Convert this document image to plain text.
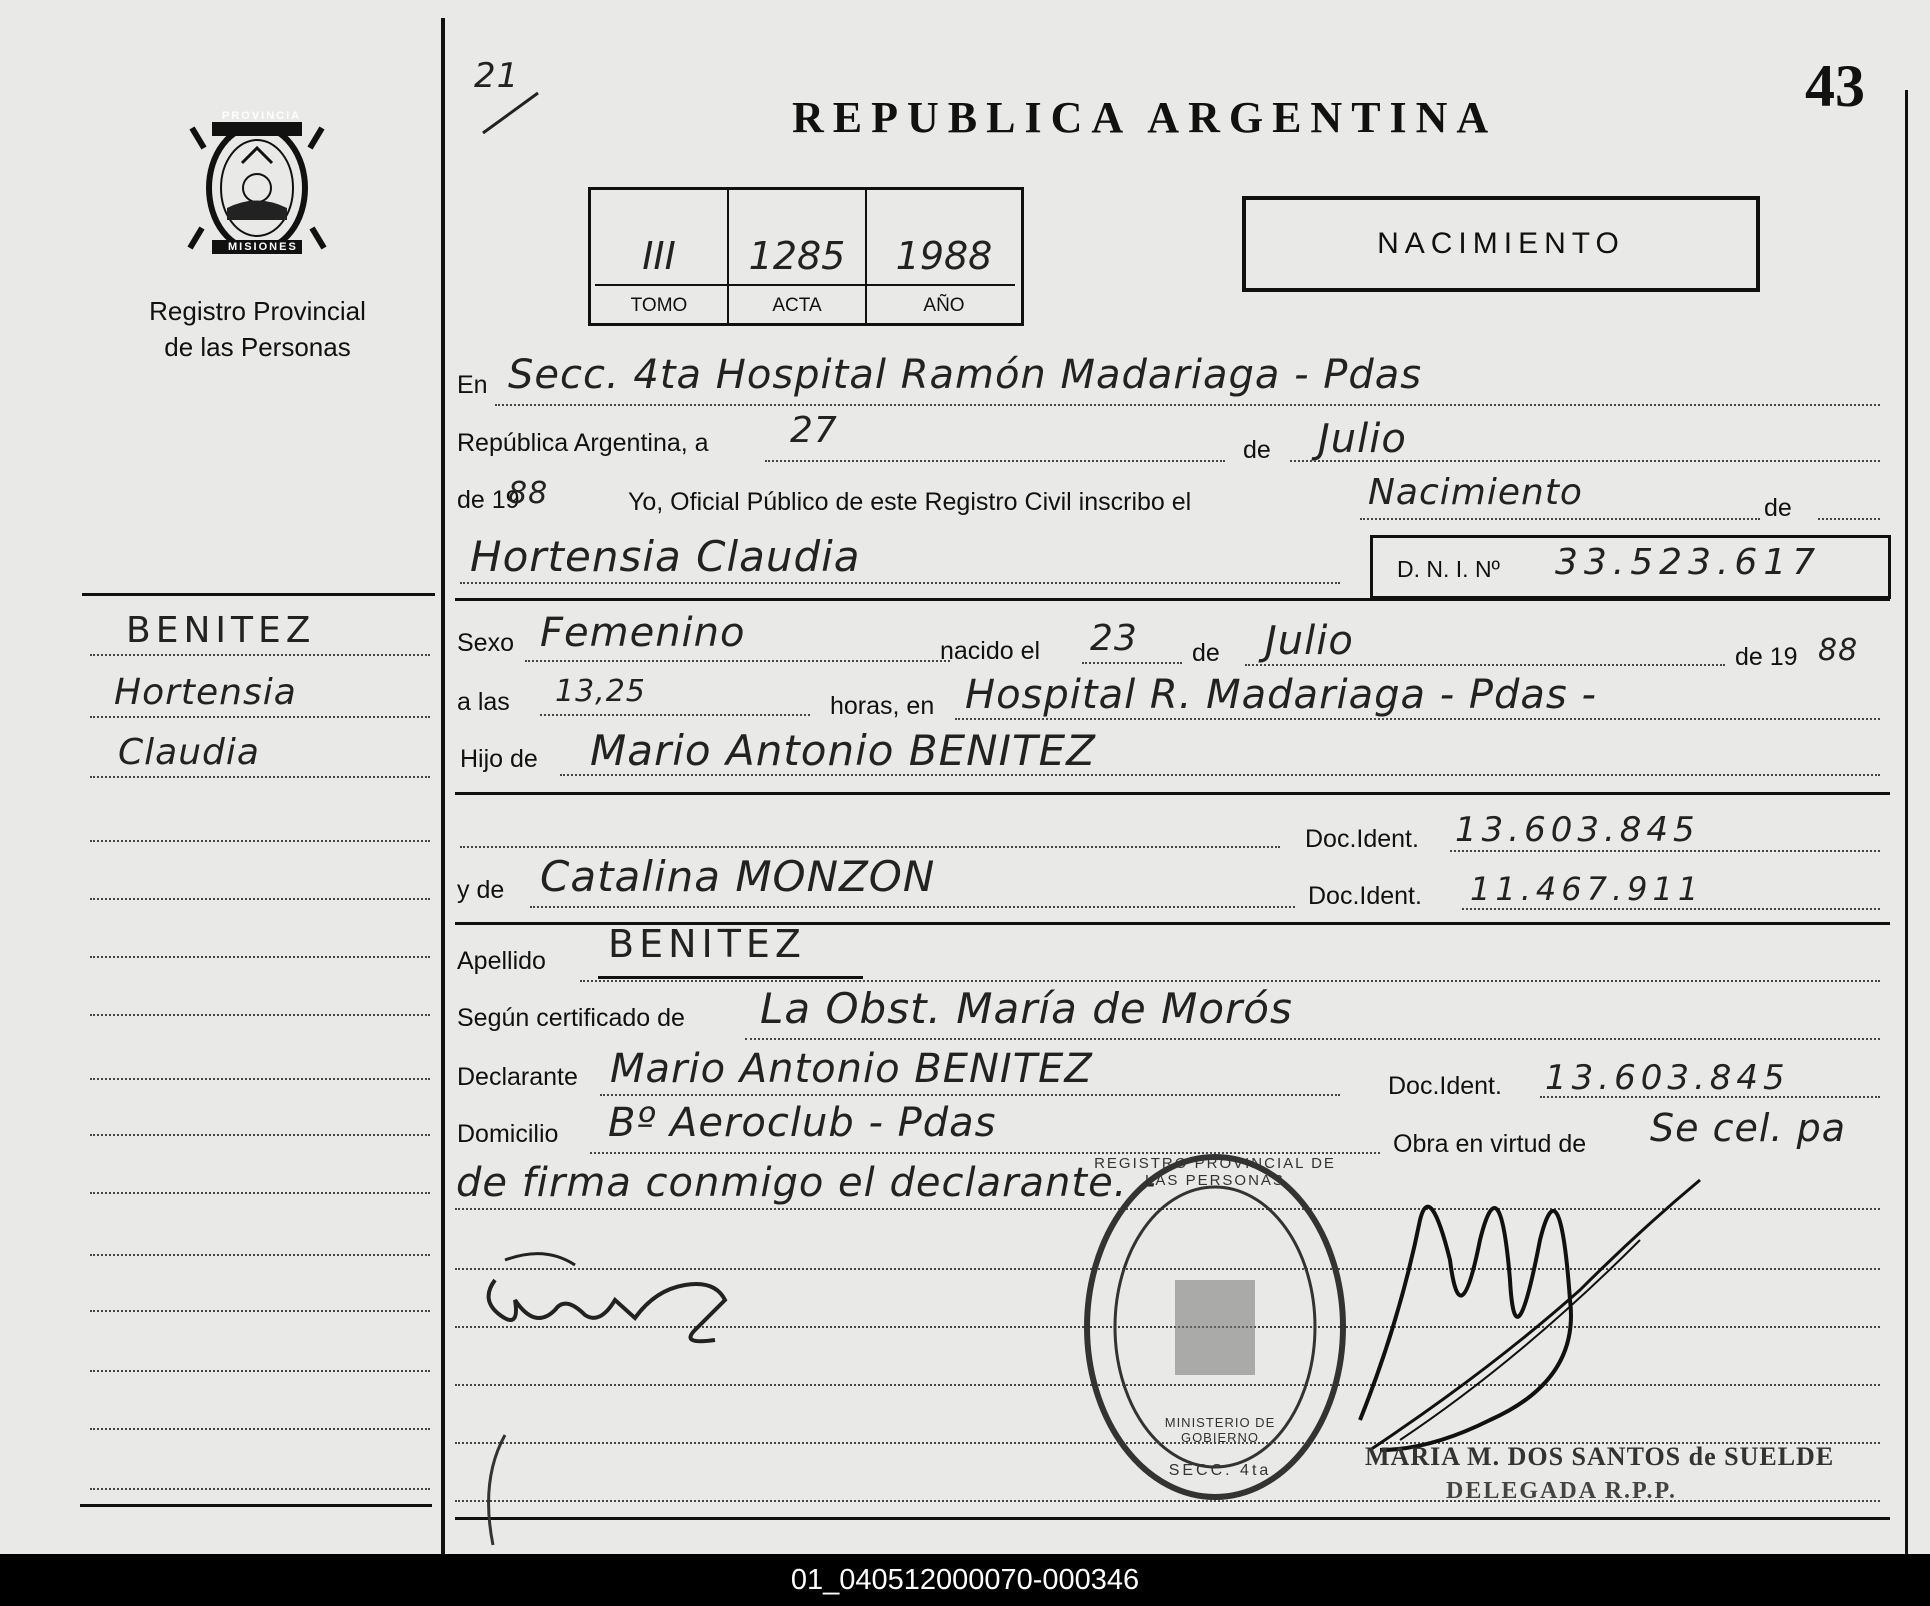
43
21
REPUBLICA ARGENTINA
PROVINCIA
MISIONES
Registro Provincial
de las Personas
III
TOMO
1285
ACTA
1988
AÑO
NACIMIENTO
BENITEZ
Hortensia
Claudia
En Secc. 4ta Hospital Ramón Madariaga - Pdas
República Argentina, a 27	de Julio
de 19
88	Yo, Oficial Público de este Registro Civil inscribo el	Nacimiento	de
Hortensia Claudia	D. N. I. Nº 33.523.617
Sexo Femenino	nacido el 23 de Julio	de 19 88
a las 13,25	horas, en Hospital R. Madariaga - Pdas -
Hijo de Mario Antonio BENITEZ
Doc.Ident. 13.603.845
y de Catalina MONZON	Doc.Ident. 11.467.911
Apellido BENITEZ
Según certificado de La Obst. María de Morós
Declarante Mario Antonio BENITEZ	Doc.Ident. 13.603.845
Domicilio Bº Aeroclub - Pdas	Obra en virtud de Se cel. pa
de firma conmigo el declarante. -
REGISTRO PROVINCIAL DE LAS PERSONAS
MINISTERIO DE GOBIERNO
SECC. 4ta	MARIA M. DOS SANTOS de SUELDE
DELEGADA R.P.P.
01_040512000070-000346
